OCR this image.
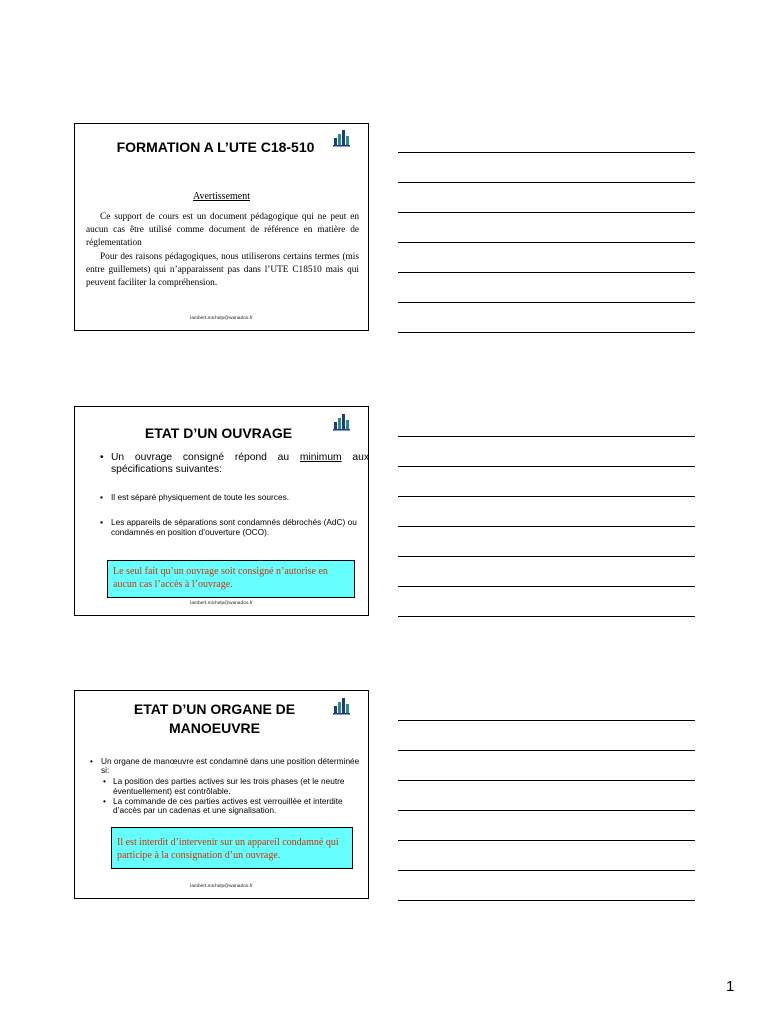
FORMATION A L’UTE C18-510
Avertissement

Ce support de cours est un document pédagogique qui ne peut en aucun cas être utilisé comme document de référence en matière de réglementation

Pour des raisons pédagogiques, nous utiliserons certains termes (mis entre guillemets) qui n’apparaissent pas dans l’UTE C18510 mais qui peuvent faciliter la compréhension.

lambert.michelp@wanadoo.fr
ETAT D’UN OUVRAGE
• Un ouvrage consigné répond au minimum aux spécifications suivantes:
▪ Il est séparé physiquement de toute les sources.
▪ Les appareils de séparations sont condamnés débrochés (AdC) ou condamnés en position d’ouverture (OCO).
Le seul fait qu’un ouvrage soit consigné n’autorise en aucun cas l’accès à l’ouvrage.
lambert.michelp@wanadoo.fr
ETAT D’UN ORGANE DE
MANOEUVRE
• Un organe de manœuvre est condamné dans une position déterminée si:
• La position des parties actives sur les trois phases (et le neutre éventuellement) est contrôlable.
• La commande de ces parties actives est verrouillée et interdite d’accès par un cadenas et une signalisation.
Il est interdit d’intervenir sur un appareil condamné qui participe à la consignation d’un ouvrage.
lambert.michelp@wanadoo.fr
1
